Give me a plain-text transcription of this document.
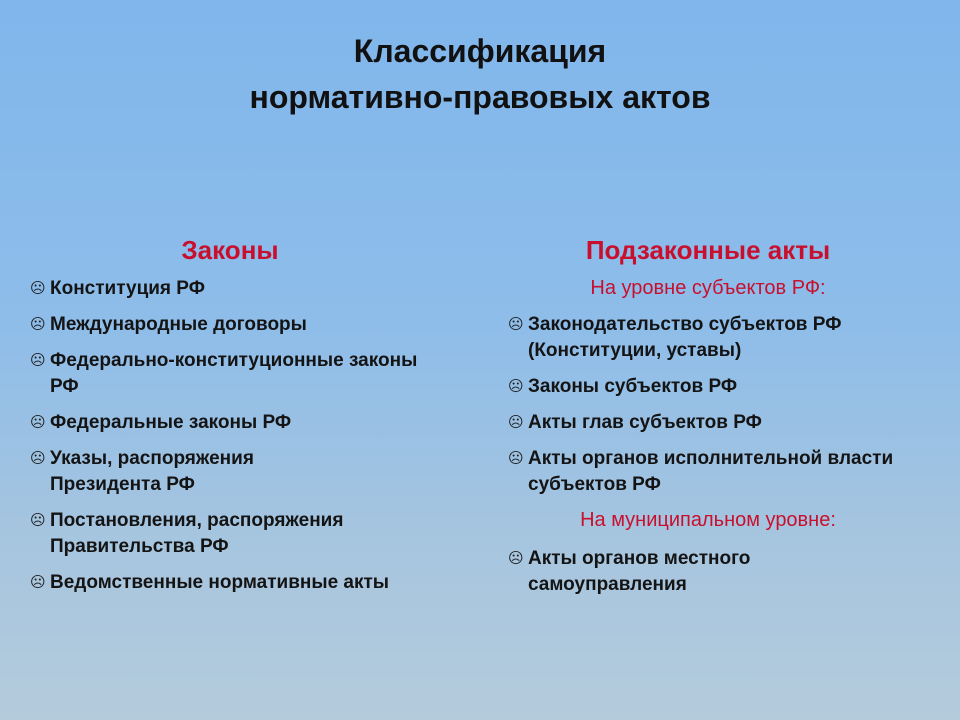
Классификация
нормативно-правовых актов
Законы
☹ Конституция РФ
☹ Международные договоры
☹ Федерально-конституционные законы РФ
☹ Федеральные законы РФ
☹ Указы, распоряжения Президента РФ
☹ Постановления, распоряжения Правительства РФ
☹ Ведомственные нормативные акты
Подзаконные акты
На уровне субъектов РФ:
☹ Законодательство субъектов РФ (Конституции, уставы)
☹ Законы субъектов РФ
☹ Акты глав субъектов РФ
☹ Акты органов исполнительной власти субъектов РФ
На муниципальном уровне:
☹ Акты органов местного самоуправления
